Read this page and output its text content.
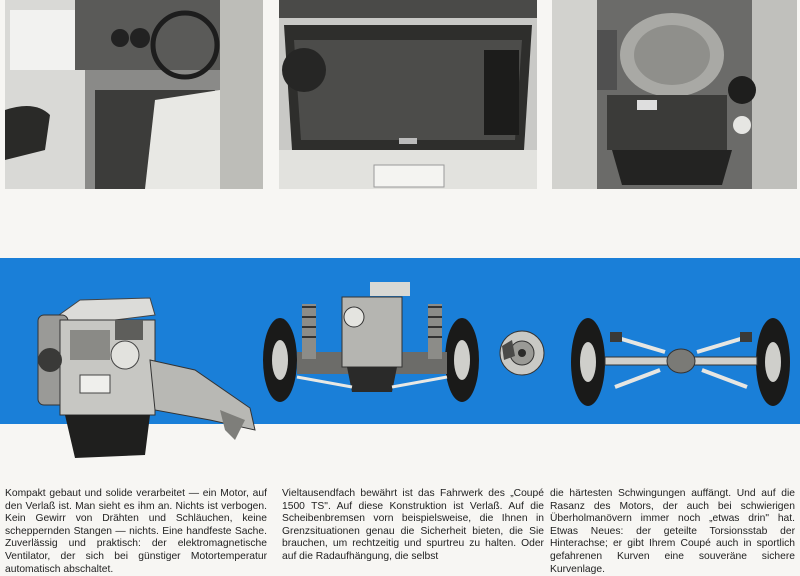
Kompakt gebaut und solide verarbeitet — ein Motor, auf den Verlaß ist. Man sieht es ihm an. Nichts ist verbogen. Kein Gewirr von Drähten und Schläuchen, keine scheppernden Stangen — nichts. Eine handfeste Sache. Zuverlässig und praktisch: der elektromagnetische Ventilator, der sich bei günstiger Motortemperatur automatisch abschaltet.

Vieltausendfach bewährt ist das Fahrwerk des „Coupé 1500 TS". Auf diese Konstruktion ist Verlaß. Auf die Scheibenbremsen vorn beispielsweise, die Ihnen in Grenzsituationen genau die Sicherheit bieten, die Sie brauchen, um rechtzeitig und spurtreu zu halten. Oder auf die Radaufhängung, die selbst

die härtesten Schwingungen auffängt. Und auf die Rasanz des Motors, der auch bei schwierigen Überholmanövern immer noch „etwas drin" hat. Etwas Neues: der geteilte Torsionsstab der Hinterachse; er gibt Ihrem Coupé auch in sportlich gefahrenen Kurven eine souveräne sichere Kurvenlage.
